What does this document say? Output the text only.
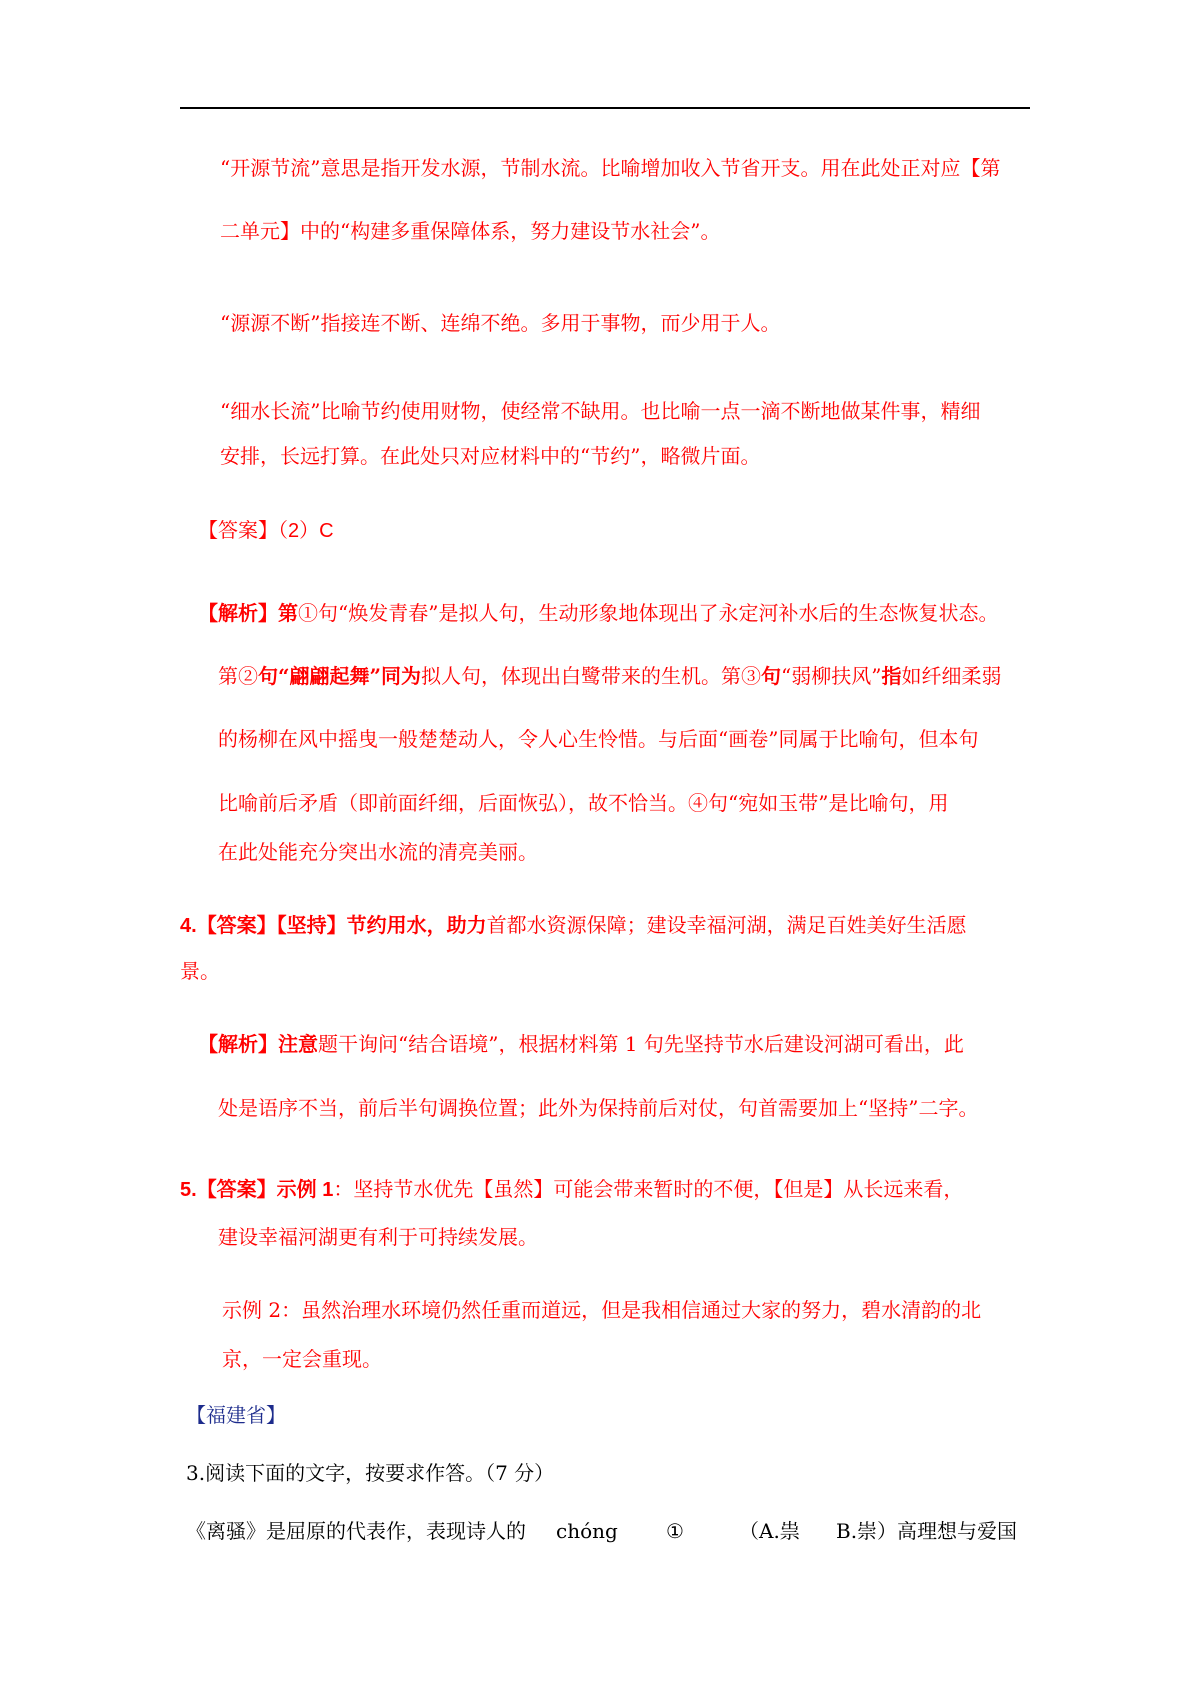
“开源节流”意思是指开发水源，节制水流。比喻增加收入节省开支。用在此处正对应【第
二单元】中的“构建多重保障体系，努力建设节水社会”。
“源源不断”指接连不断、连绵不绝。多用于事物，而少用于人。
“细水长流”比喻节约使用财物，使经常不缺用。也比喻一点一滴不断地做某件事，精细
安排，长远打算。在此处只对应材料中的“节约”，略微片面。
【答案】（2）C
【解析】第①句“焕发青春”是拟人句，生动形象地体现出了永定河补水后的生态恢复状态。
第②句“翩翩起舞”同为拟人句，体现出白鹭带来的生机。第③句“弱柳扶风”指如纤细柔弱
的杨柳在风中摇曳一般楚楚动人，令人心生怜惜。与后面“画卷”同属于比喻句，但本句
比喻前后矛盾（即前面纤细，后面恢弘），故不恰当。④句“宛如玉带”是比喻句，用
在此处能充分突出水流的清亮美丽。
4.【答案】【坚持】节约用水，助力首都水资源保障；建设幸福河湖，满足百姓美好生活愿
景。
【解析】注意题干询问“结合语境”，根据材料第 1 句先坚持节水后建设河湖可看出，此
处是语序不当，前后半句调换位置；此外为保持前后对仗，句首需要加上“坚持”二字。
5.【答案】示例 1：坚持节水优先【虽然】可能会带来暂时的不便，【但是】从长远来看，
建设幸福河湖更有利于可持续发展。
示例 2：虽然治理水环境仍然任重而道远，但是我相信通过大家的努力，碧水清韵的北
京，一定会重现。
【福建省】
3.阅读下面的文字，按要求作答。（7 分）
《离骚》是屈原的代表作，表现诗人的 chóng ①	（A.祟 B.崇）高理想与爱国
